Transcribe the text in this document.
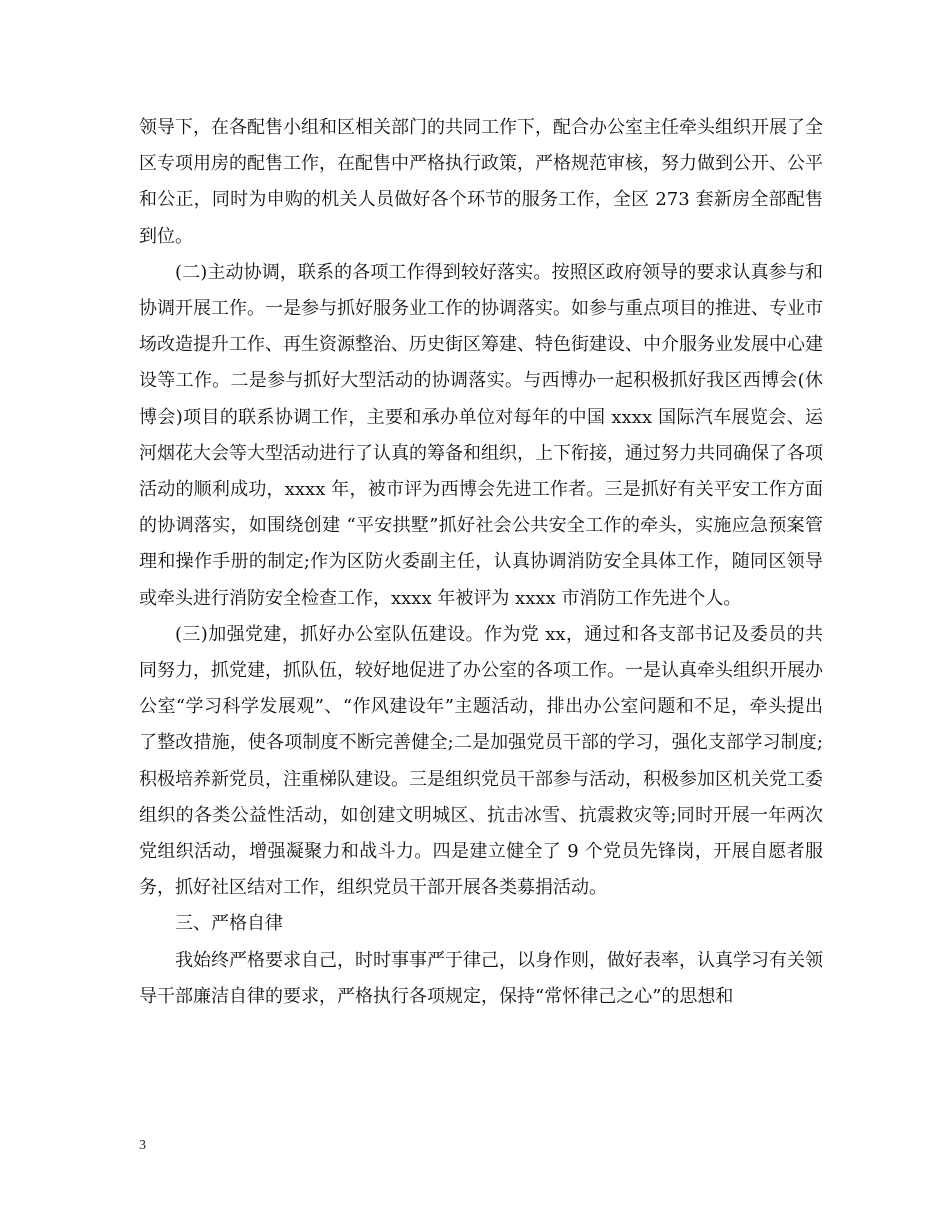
领导下，在各配售小组和区相关部门的共同工作下，配合办公室主任牵头组织开展了全区专项用房的配售工作，在配售中严格执行政策，严格规范审核，努力做到公开、公平和公正，同时为申购的机关人员做好各个环节的服务工作，全区 273 套新房全部配售到位。

(二)主动协调，联系的各项工作得到较好落实。按照区政府领导的要求认真参与和协调开展工作。一是参与抓好服务业工作的协调落实。如参与重点项目的推进、专业市场改造提升工作、再生资源整治、历史街区筹建、特色街建设、中介服务业发展中心建设等工作。二是参与抓好大型活动的协调落实。与西博办一起积极抓好我区西博会(休博会)项目的联系协调工作，主要和承办单位对每年的中国 xxxx 国际汽车展览会、运河烟花大会等大型活动进行了认真的筹备和组织，上下衔接，通过努力共同确保了各项活动的顺利成功，xxxx 年，被市评为西博会先进工作者。三是抓好有关平安工作方面的协调落实，如围绕创建 “平安拱墅”抓好社会公共安全工作的牵头，实施应急预案管理和操作手册的制定;作为区防火委副主任，认真协调消防安全具体工作，随同区领导或牵头进行消防安全检查工作，xxxx 年被评为 xxxx 市消防工作先进个人。

(三)加强党建，抓好办公室队伍建设。作为党 xx，通过和各支部书记及委员的共同努力，抓党建，抓队伍，较好地促进了办公室的各项工作。一是认真牵头组织开展办公室“学习科学发展观”、“作风建设年”主题活动，排出办公室问题和不足，牵头提出了整改措施，使各项制度不断完善健全;二是加强党员干部的学习，强化支部学习制度;积极培养新党员，注重梯队建设。三是组织党员干部参与活动，积极参加区机关党工委组织的各类公益性活动，如创建文明城区、抗击冰雪、抗震救灾等;同时开展一年两次党组织活动，增强凝聚力和战斗力。四是建立健全了 9 个党员先锋岗，开展自愿者服务，抓好社区结对工作，组织党员干部开展各类募捐活动。

三、严格自律

我始终严格要求自己，时时事事严于律己，以身作则，做好表率，认真学习有关领导干部廉洁自律的要求，严格执行各项规定，保持“常怀律己之心”的思想和

3
